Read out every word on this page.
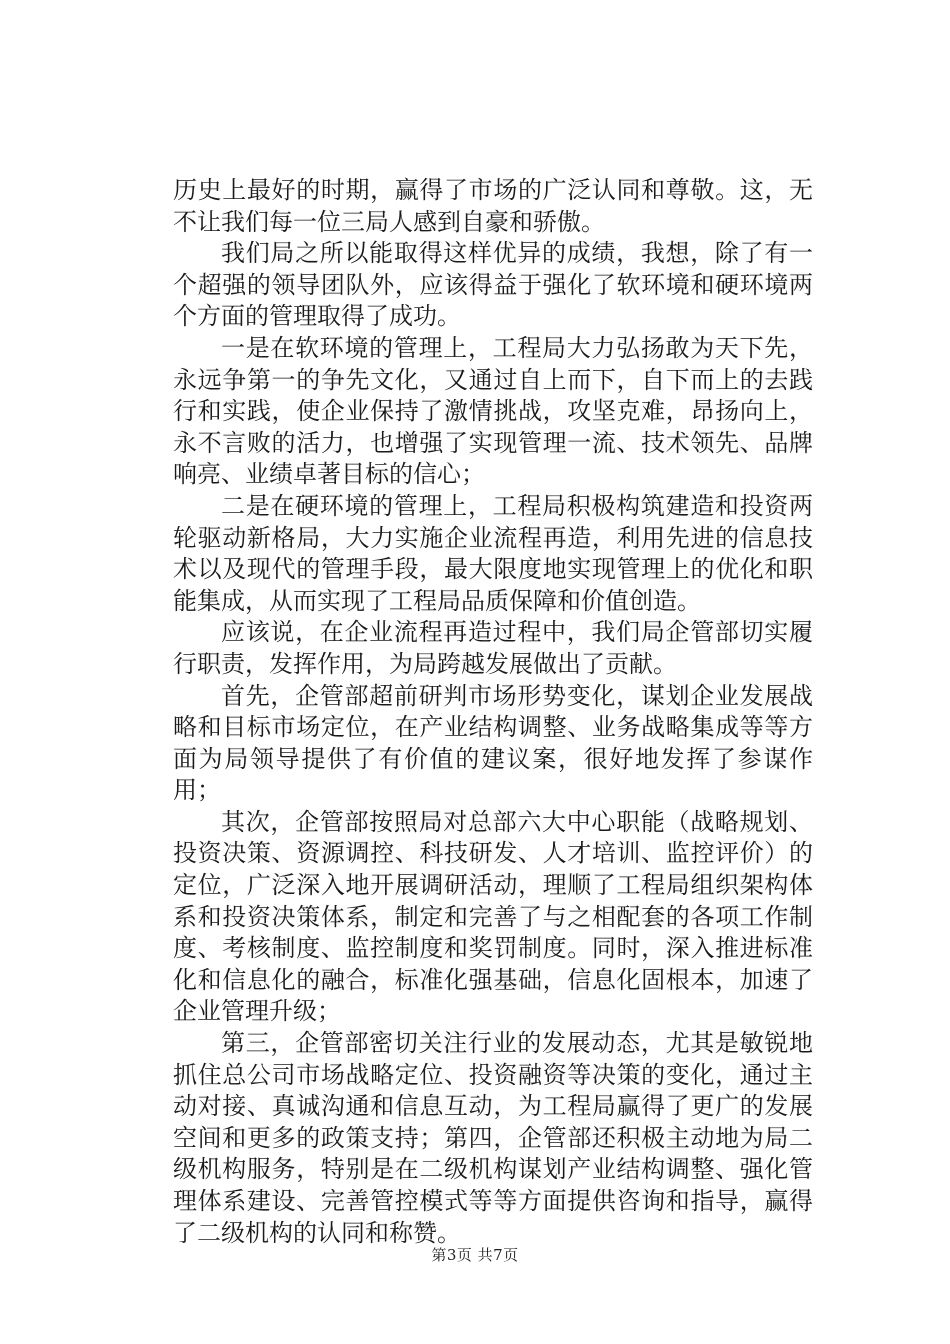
历史上最好的时期，赢得了市场的广泛认同和尊敬。这，无不让我们每一位三局人感到自豪和骄傲。

我们局之所以能取得这样优异的成绩，我想，除了有一个超强的领导团队外，应该得益于强化了软环境和硬环境两个方面的管理取得了成功。

一是在软环境的管理上，工程局大力弘扬敢为天下先，永远争第一的争先文化，又通过自上而下，自下而上的去践行和实践，使企业保持了激情挑战，攻坚克难，昂扬向上，永不言败的活力，也增强了实现管理一流、技术领先、品牌响亮、业绩卓著目标的信心；

二是在硬环境的管理上，工程局积极构筑建造和投资两轮驱动新格局，大力实施企业流程再造，利用先进的信息技术以及现代的管理手段，最大限度地实现管理上的优化和职能集成，从而实现了工程局品质保障和价值创造。

应该说，在企业流程再造过程中，我们局企管部切实履行职责，发挥作用，为局跨越发展做出了贡献。

首先，企管部超前研判市场形势变化，谋划企业发展战略和目标市场定位，在产业结构调整、业务战略集成等等方面为局领导提供了有价值的建议案，很好地发挥了参谋作用；

其次，企管部按照局对总部六大中心职能（战略规划、投资决策、资源调控、科技研发、人才培训、监控评价）的定位，广泛深入地开展调研活动，理顺了工程局组织架构体系和投资决策体系，制定和完善了与之相配套的各项工作制度、考核制度、监控制度和奖罚制度。同时，深入推进标准化和信息化的融合，标准化强基础，信息化固根本，加速了企业管理升级；

第三，企管部密切关注行业的发展动态，尤其是敏锐地抓住总公司市场战略定位、投资融资等决策的变化，通过主动对接、真诚沟通和信息互动，为工程局赢得了更广的发展空间和更多的政策支持；第四，企管部还积极主动地为局二级机构服务，特别是在二级机构谋划产业结构调整、强化管理体系建设、完善管控模式等等方面提供咨询和指导，赢得了二级机构的认同和称赞。

第3页 共7页
